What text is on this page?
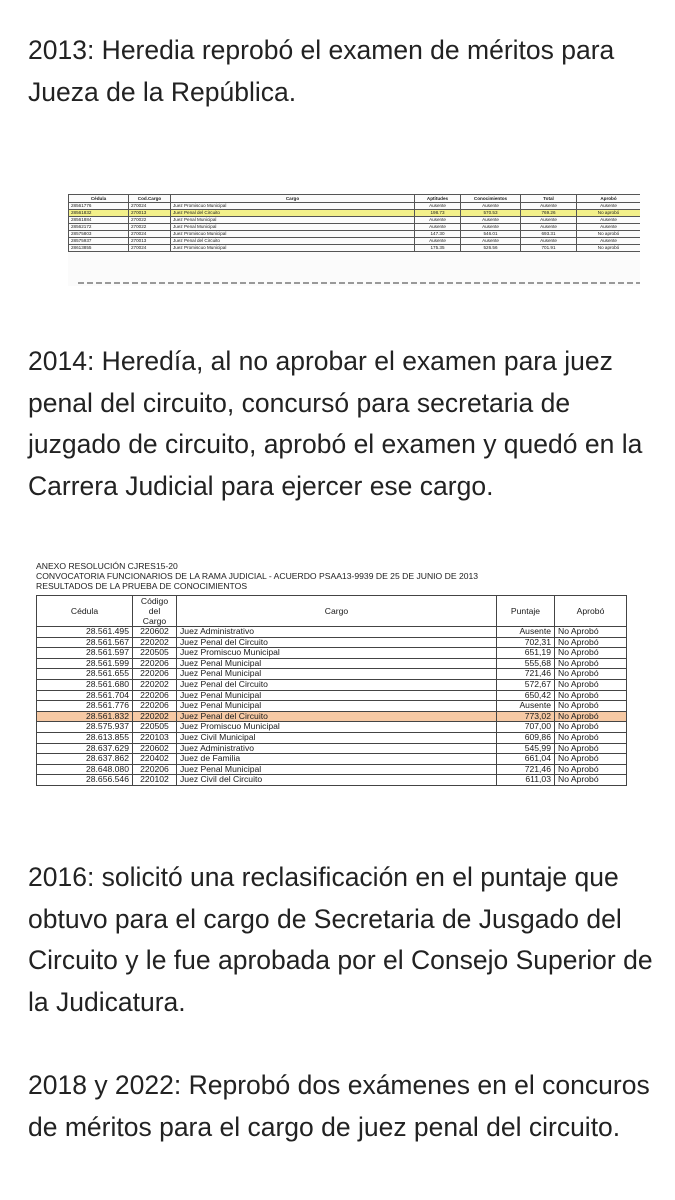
2013: Heredia reprobó el examen de méritos para Jueza de la República.

Cédula	Cod.Cargo	Cargo	Aptitudes	Conocimientos	Total	Aprobó
28561776	270024	Juez Promiscuo Municipal	Ausente	Ausente	Ausente	Ausente
28561832	270013	Juez Penal del Circuito	198.73	570.53	769.26	No aprobó
28561884	270022	Juez Penal Municipal	Ausente	Ausente	Ausente	Ausente
28562172	270022	Juez Penal Municipal	Ausente	Ausente	Ausente	Ausente
28575803	270024	Juez Promiscuo Municipal	147.30	546.01	693.31	No aprobó
28575937	270013	Juez Penal del Circuito	Ausente	Ausente	Ausente	Ausente
28613855	270024	Juez Promiscuo Municipal	175.35	526.56	701.91	No aprobó

2014: Heredía, al no aprobar el examen para juez penal del circuito, concursó para secretaria de juzgado de circuito, aprobó el examen y quedó en la Carrera Judicial para ejercer ese cargo.

ANEXO RESOLUCIÓN CJRES15-20

CONVOCATORIA FUNCIONARIOS DE LA RAMA JUDICIAL - ACUERDO PSAA13-9939 DE 25 DE JUNIO DE 2013

RESULTADOS DE LA PRUEBA DE CONOCIMIENTOS

Cédula	Código del Cargo	Cargo	Puntaje	Aprobó
28.561.495	220602	Juez Administrativo	Ausente	No Aprobó
28.561.567	220202	Juez Penal del Circuito	702,31	No Aprobó
28.561.597	220505	Juez Promiscuo Municipal	651,19	No Aprobó
28.561.599	220206	Juez Penal Municipal	555,68	No Aprobó
28.561.655	220206	Juez Penal Municipal	721,46	No Aprobó
28.561.680	220202	Juez Penal del Circuito	572,67	No Aprobó
28.561.704	220206	Juez Penal Municipal	650,42	No Aprobó
28.561.776	220206	Juez Penal Municipal	Ausente	No Aprobó
28.561.832	220202	Juez Penal del Circuito	773,02	No Aprobó
28.575.937	220505	Juez Promiscuo Municipal	707,00	No Aprobó
28.613.855	220103	Juez Civil Municipal	609,86	No Aprobó
28.637.629	220602	Juez Administrativo	545,99	No Aprobó
28.637.862	220402	Juez de Familia	661,04	No Aprobó
28.648.080	220206	Juez Penal Municipal	721,46	No Aprobó
28.656.546	220102	Juez Civil del Circuito	611,03	No Aprobó

2016: solicitó una reclasificación en el puntaje que obtuvo para el cargo de Secretaria de Jusgado del Circuito y le fue aprobada por el Consejo Superior de la Judicatura.

2018 y 2022: Reprobó dos exámenes en el concuros de méritos para el cargo de juez penal del circuito.
